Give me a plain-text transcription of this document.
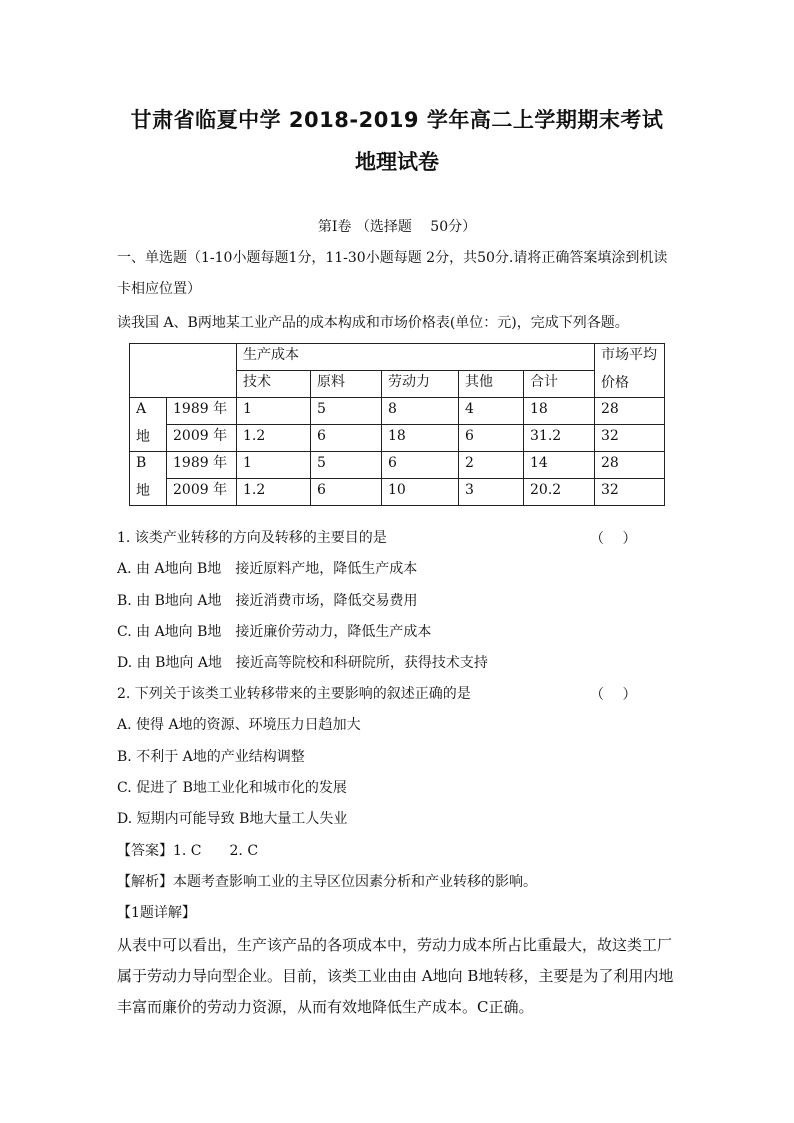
甘肃省临夏中学 2018-2019 学年高二上学期期末考试
地理试卷
第Ⅰ卷 （选择题　 50分）
一、单选题（1-10小题每题1分，11-30小题每题 2分，共50分.请将正确答案填涂到机读
卡相应位置）
读我国 A、B两地某工业产品的成本构成和市场价格表(单位：元)，完成下列各题。
		生产成本					市场平均
价格

		技术	原料	劳动力	其他	合计	

A
地	1989 年	1	5	8	4	18	28
	2009 年	1.2	6	18	6	31.2	32

B
地	1989 年	1	5	6	2	14	28
	2009 年	1.2	6	10	3	20.2	32
1. 该类产业转移的方向及转移的主要目的是	（　 ）
A. 由 A地向 B地　接近原料产地，降低生产成本
B. 由 B地向 A地　接近消费市场，降低交易费用
C. 由 A地向 B地　接近廉价劳动力，降低生产成本
D. 由 B地向 A地　接近高等院校和科研院所，获得技术支持
2. 下列关于该类工业转移带来的主要影响的叙述正确的是	（　 ）
A. 使得 A地的资源、环境压力日趋加大
B. 不利于 A地的产业结构调整
C. 促进了 B地工业化和城市化的发展
D. 短期内可能导致 B地大量工人失业
【答案】1. C　　2. C
【解析】本题考查影响工业的主导区位因素分析和产业转移的影响。
【1题详解】
从表中可以看出，生产该产品的各项成本中，劳动力成本所占比重最大，故这类工厂属于劳动力导向型企业。目前，该类工业由由 A地向 B地转移，主要是为了利用内地丰富而廉价的劳动力资源，从而有效地降低生产成本。C正确。
